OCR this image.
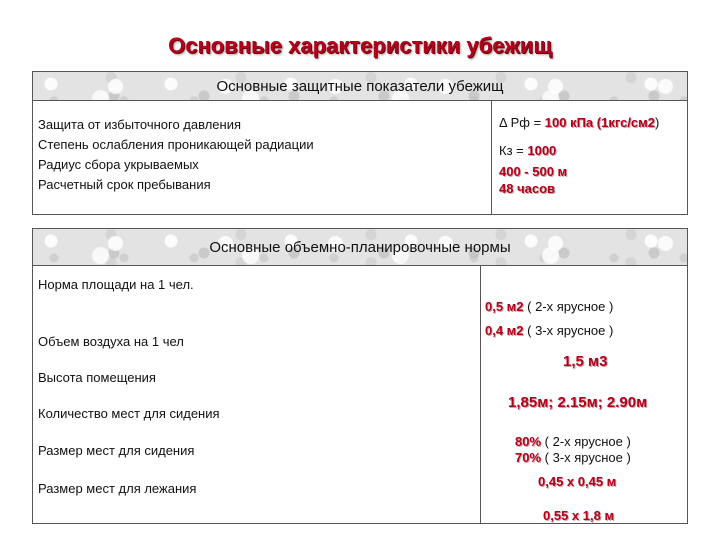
Основные характеристики убежищ
Основные защитные показатели убежищ
Защита от избыточного давления
Степень ослабления проникающей радиации
Радиус сбора укрываемых
Расчетный срок пребывания
Δ Рф = 100 кПа (1кгс/см2)
Кз = 1000
400 - 500 м
48 часов
Основные объемно-планировочные нормы
Норма площади на 1 чел.
Объем воздуха на 1 чел
Высота помещения
Количество мест для сидения
Размер мест для сидения
Размер мест для лежания
0,5 м2 ( 2-х ярусное )
0,4 м2 ( 3-х ярусное )
1,5 м3
1,85м; 2.15м; 2.90м
80% ( 2-х ярусное )
70% ( 3-х ярусное )
0,45 х 0,45 м
0,55 х 1,8 м
